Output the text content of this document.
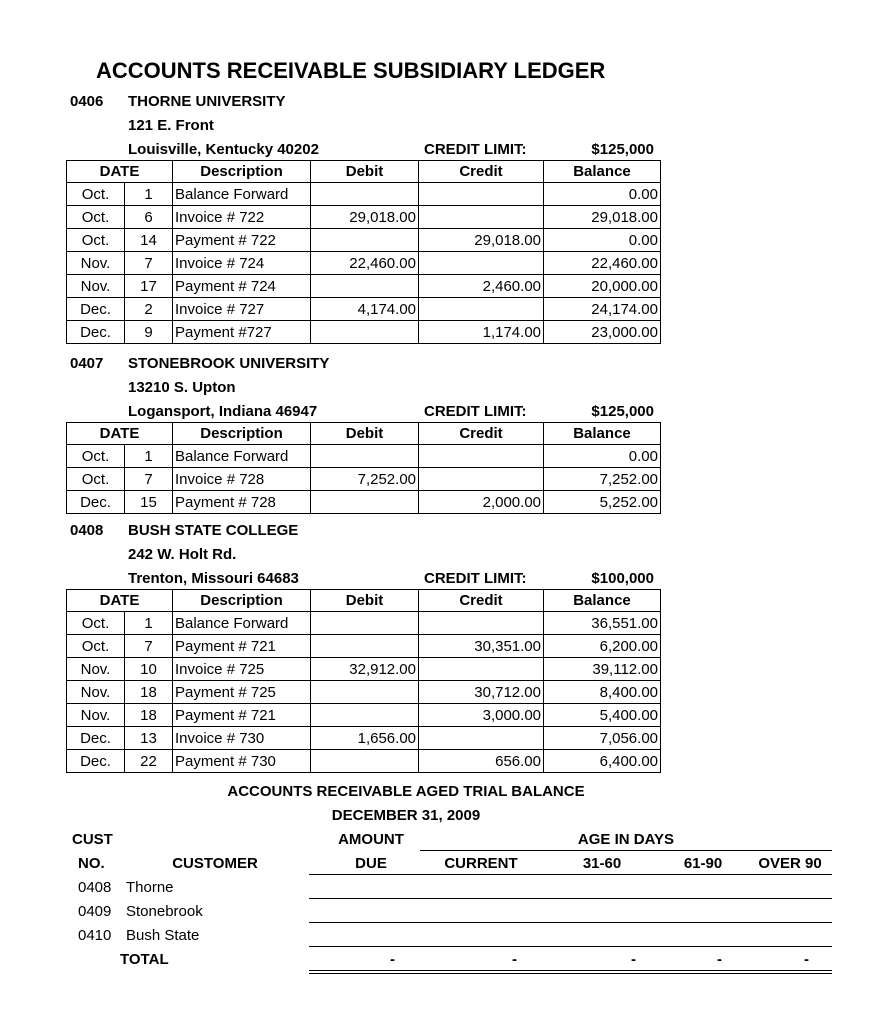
ACCOUNTS RECEIVABLE SUBSIDIARY LEDGER
0406 THORNE UNIVERSITY
121 E. Front
Louisville, Kentucky 40202	CREDIT LIMIT:	$125,000
DATE		Description	Debit	Credit	Balance
Oct.	1	Balance Forward			0.00
Oct.	6	Invoice # 722	29,018.00		29,018.00
Oct.	14	Payment # 722		29,018.00	0.00
Nov.	7	Invoice # 724	22,460.00		22,460.00
Nov.	17	Payment # 724		2,460.00	20,000.00
Dec.	2	Invoice # 727	4,174.00		24,174.00
Dec.	9	Payment #727		1,174.00	23,000.00
0407 STONEBROOK UNIVERSITY
13210 S. Upton
Logansport, Indiana 46947	CREDIT LIMIT:	$125,000
DATE		Description	Debit	Credit	Balance
Oct.	1	Balance Forward			0.00
Oct.	7	Invoice # 728	7,252.00		7,252.00
Dec.	15	Payment # 728		2,000.00	5,252.00
0408 BUSH STATE COLLEGE
242 W. Holt Rd.
Trenton, Missouri 64683	CREDIT LIMIT:	$100,000
DATE		Description	Debit	Credit	Balance
Oct.	1	Balance Forward			36,551.00
Oct.	7	Payment # 721		30,351.00	6,200.00
Nov.	10	Invoice # 725	32,912.00		39,112.00
Nov.	18	Payment # 725		30,712.00	8,400.00
Nov.	18	Payment # 721		3,000.00	5,400.00
Dec.	13	Invoice # 730	1,656.00		7,056.00
Dec.	22	Payment # 730		656.00	6,400.00
ACCOUNTS RECEIVABLE AGED TRIAL BALANCE
DECEMBER 31, 2009
CUST	AMOUNT	AGE IN DAYS
NO.	CUSTOMER	DUE	CURRENT	31-60	61-90	OVER 90
0408 Thorne
0409 Stonebrook
0410 Bush State
TOTAL	-	-	-	-	-
